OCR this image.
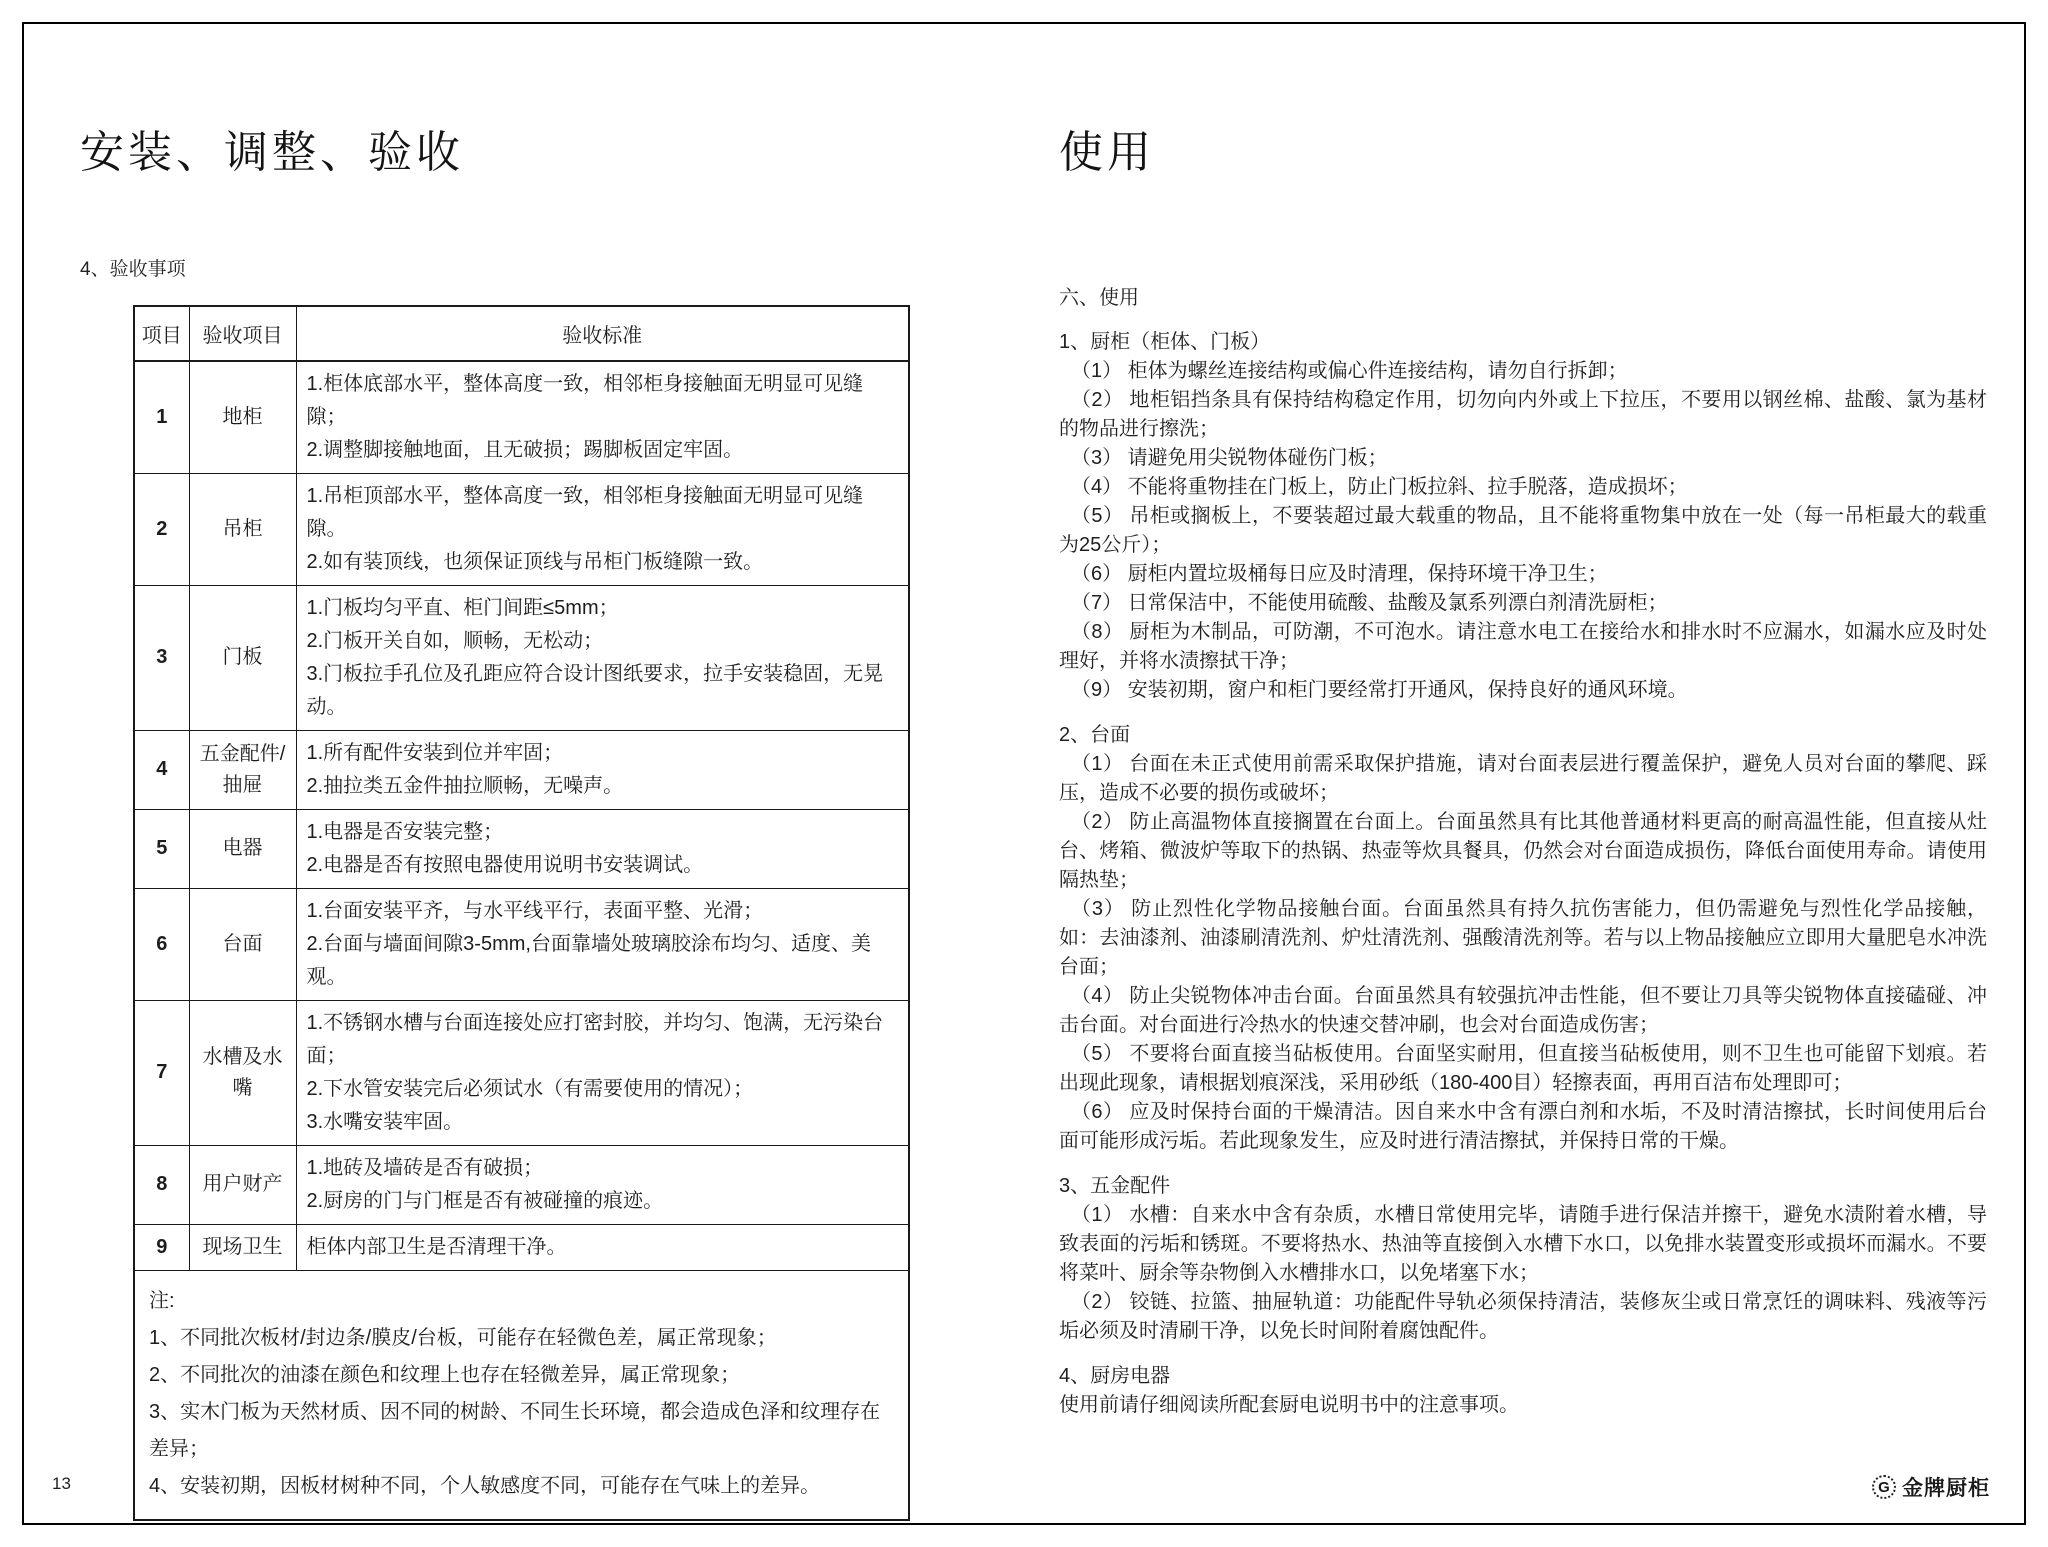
安装、调整、验收
4、验收事项
项目	验收项目	验收标准
1	地柜	1.柜体底部水平，整体高度一致，相邻柜身接触面无明显可见缝隙；
2.调整脚接触地面，且无破损；踢脚板固定牢固。

2	吊柜	1.吊柜顶部水平，整体高度一致，相邻柜身接触面无明显可见缝隙。
2.如有装顶线，也须保证顶线与吊柜门板缝隙一致。

3	门板	1.门板均匀平直、柜门间距≤5mm；
2.门板开关自如，顺畅，无松动；
3.门板拉手孔位及孔距应符合设计图纸要求，拉手安装稳固，无晃动。

4	五金配件/抽屉	1.所有配件安装到位并牢固；
2.抽拉类五金件抽拉顺畅，无噪声。

5	电器	1.电器是否安装完整；
2.电器是否有按照电器使用说明书安装调试。

6	台面	1.台面安装平齐，与水平线平行，表面平整、光滑；
2.台面与墙面间隙3-5mm,台面靠墙处玻璃胶涂布均匀、适度、美观。

7	水槽及水嘴	1.不锈钢水槽与台面连接处应打密封胶，并均匀、饱满，无污染台面；
2.下水管安装完后必须试水（有需要使用的情况）；
3.水嘴安装牢固。

8	用户财产	1.地砖及墙砖是否有破损；
2.厨房的门与门框是否有被碰撞的痕迹。

9	现场卫生	柜体内部卫生是否清理干净。

注:
1、不同批次板材/封边条/膜皮/台板，可能存在轻微色差，属正常现象；
2、不同批次的油漆在颜色和纹理上也存在轻微差异，属正常现象；
3、实木门板为天然材质、因不同的树龄、不同生长环境，都会造成色泽和纹理存在差异；
4、安装初期，因板材树种不同，个人敏感度不同，可能存在气味上的差异。		
使用
六、使用

1、厨柜（柜体、门板）

（1） 柜体为螺丝连接结构或偏心件连接结构，请勿自行拆卸；

（2） 地柜铝挡条具有保持结构稳定作用，切勿向内外或上下拉压，不要用以钢丝棉、盐酸、氯为基材的物品进行擦洗；

（3） 请避免用尖锐物体碰伤门板；

（4） 不能将重物挂在门板上，防止门板拉斜、拉手脱落，造成损坏；

（5） 吊柜或搁板上，不要装超过最大载重的物品，且不能将重物集中放在一处（每一吊柜最大的载重为25公斤）；

（6） 厨柜内置垃圾桶每日应及时清理，保持环境干净卫生；

（7） 日常保洁中，不能使用硫酸、盐酸及氯系列漂白剂清洗厨柜；

（8） 厨柜为木制品，可防潮，不可泡水。请注意水电工在接给水和排水时不应漏水，如漏水应及时处理好，并将水渍擦拭干净；

（9） 安装初期，窗户和柜门要经常打开通风，保持良好的通风环境。

2、台面

（1） 台面在未正式使用前需采取保护措施，请对台面表层进行覆盖保护，避免人员对台面的攀爬、踩压，造成不必要的损伤或破坏；

（2） 防止高温物体直接搁置在台面上。台面虽然具有比其他普通材料更高的耐高温性能，但直接从灶台、烤箱、微波炉等取下的热锅、热壶等炊具餐具，仍然会对台面造成损伤，降低台面使用寿命。请使用隔热垫；

（3） 防止烈性化学物品接触台面。台面虽然具有持久抗伤害能力，但仍需避免与烈性化学品接触，如：去油漆剂、油漆刷清洗剂、炉灶清洗剂、强酸清洗剂等。若与以上物品接触应立即用大量肥皂水冲洗台面；

（4） 防止尖锐物体冲击台面。台面虽然具有较强抗冲击性能，但不要让刀具等尖锐物体直接磕碰、冲击台面。对台面进行冷热水的快速交替冲刷，也会对台面造成伤害；

（5） 不要将台面直接当砧板使用。台面坚实耐用，但直接当砧板使用，则不卫生也可能留下划痕。若出现此现象，请根据划痕深浅，采用砂纸（180-400目）轻擦表面，再用百洁布处理即可；

（6） 应及时保持台面的干燥清洁。因自来水中含有漂白剂和水垢，不及时清洁擦拭，长时间使用后台面可能形成污垢。若此现象发生，应及时进行清洁擦拭，并保持日常的干燥。

3、五金配件

（1） 水槽：自来水中含有杂质，水槽日常使用完毕，请随手进行保洁并擦干，避免水渍附着水槽，导致表面的污垢和锈斑。不要将热水、热油等直接倒入水槽下水口，以免排水装置变形或损坏而漏水。不要将菜叶、厨余等杂物倒入水槽排水口，以免堵塞下水；

（2） 铰链、拉篮、抽屉轨道：功能配件导轨必须保持清洁，装修灰尘或日常烹饪的调味料、残液等污垢必须及时清刷干净，以免长时间附着腐蚀配件。

4、厨房电器

使用前请仔细阅读所配套厨电说明书中的注意事项。

13	G 金牌厨柜
